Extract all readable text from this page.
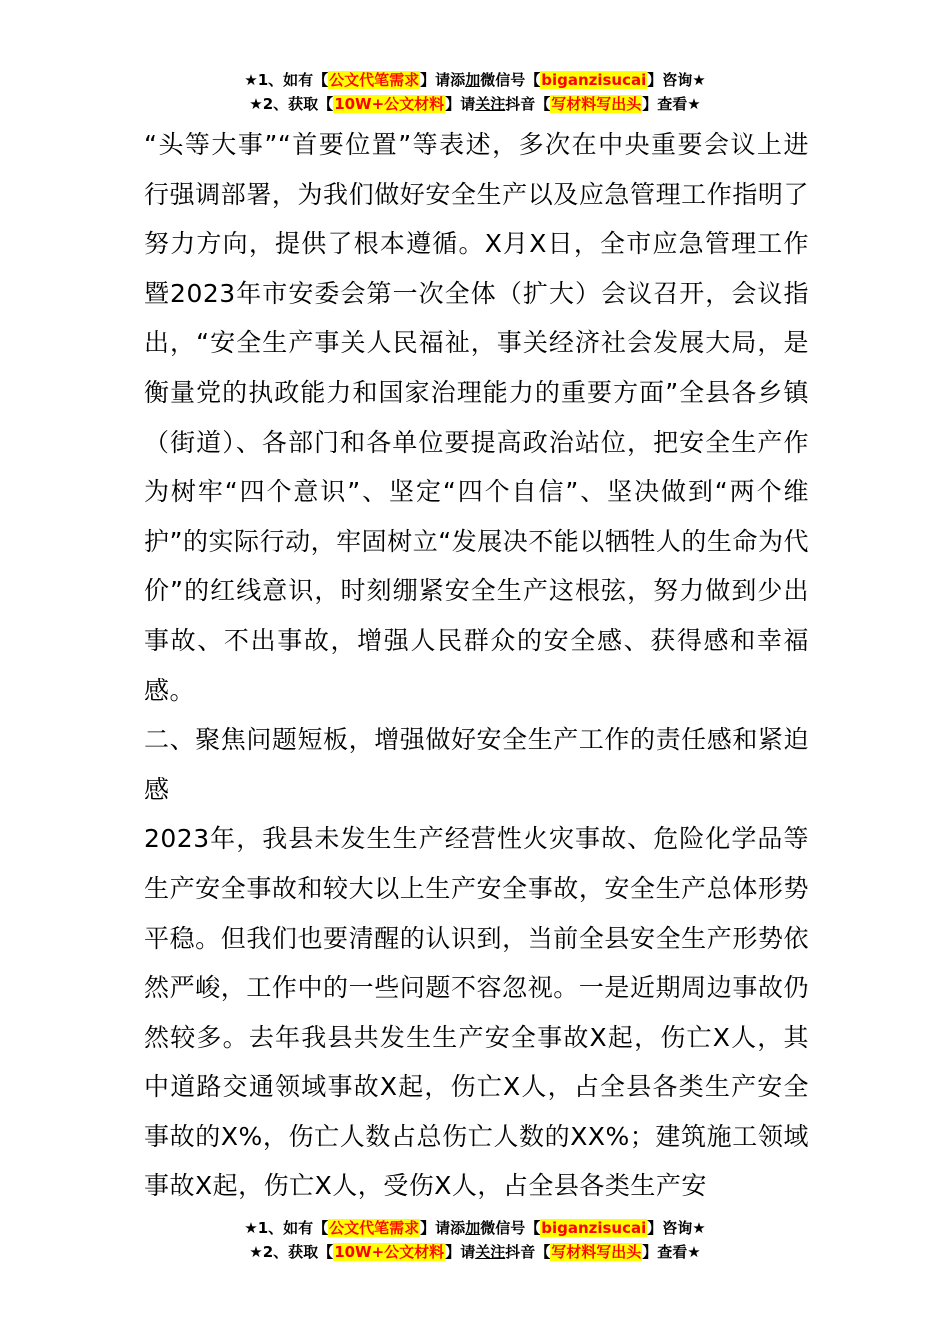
★1、如有【公文代笔需求】请添加微信号【biganzisucai】咨询★
★2、获取【10W+公文材料】请关注抖音【写材料写出头】查看★

“头等大事”“首要位置”等表述，多次在中央重要会议上进行强调部署，为我们做好安全生产以及应急管理工作指明了努力方向，提供了根本遵循。X月X日，全市应急管理工作暨2023年市安委会第一次全体（扩大）会议召开，会议指出，“安全生产事关人民福祉，事关经济社会发展大局，是衡量党的执政能力和国家治理能力的重要方面”全县各乡镇（街道）、各部门和各单位要提高政治站位，把安全生产作为树牢“四个意识”、坚定“四个自信”、坚决做到“两个维护”的实际行动，牢固树立“发展决不能以牺牲人的生命为代价”的红线意识，时刻绷紧安全生产这根弦，努力做到少出事故、不出事故，增强人民群众的安全感、获得感和幸福感。

二、聚焦问题短板，增强做好安全生产工作的责任感和紧迫感

2023年，我县未发生生产经营性火灾事故、危险化学品等生产安全事故和较大以上生产安全事故，安全生产总体形势平稳。但我们也要清醒的认识到，当前全县安全生产形势依然严峻，工作中的一些问题不容忽视。一是近期周边事故仍然较多。去年我县共发生生产安全事故X起，伤亡X人，其中道路交通领域事故X起，伤亡X人，占全县各类生产安全事故的X%，伤亡人数占总伤亡人数的XX%；建筑施工领域事故X起，伤亡X人，受伤X人，占全县各类生产安

★1、如有【公文代笔需求】请添加微信号【biganzisucai】咨询★
★2、获取【10W+公文材料】请关注抖音【写材料写出头】查看★
